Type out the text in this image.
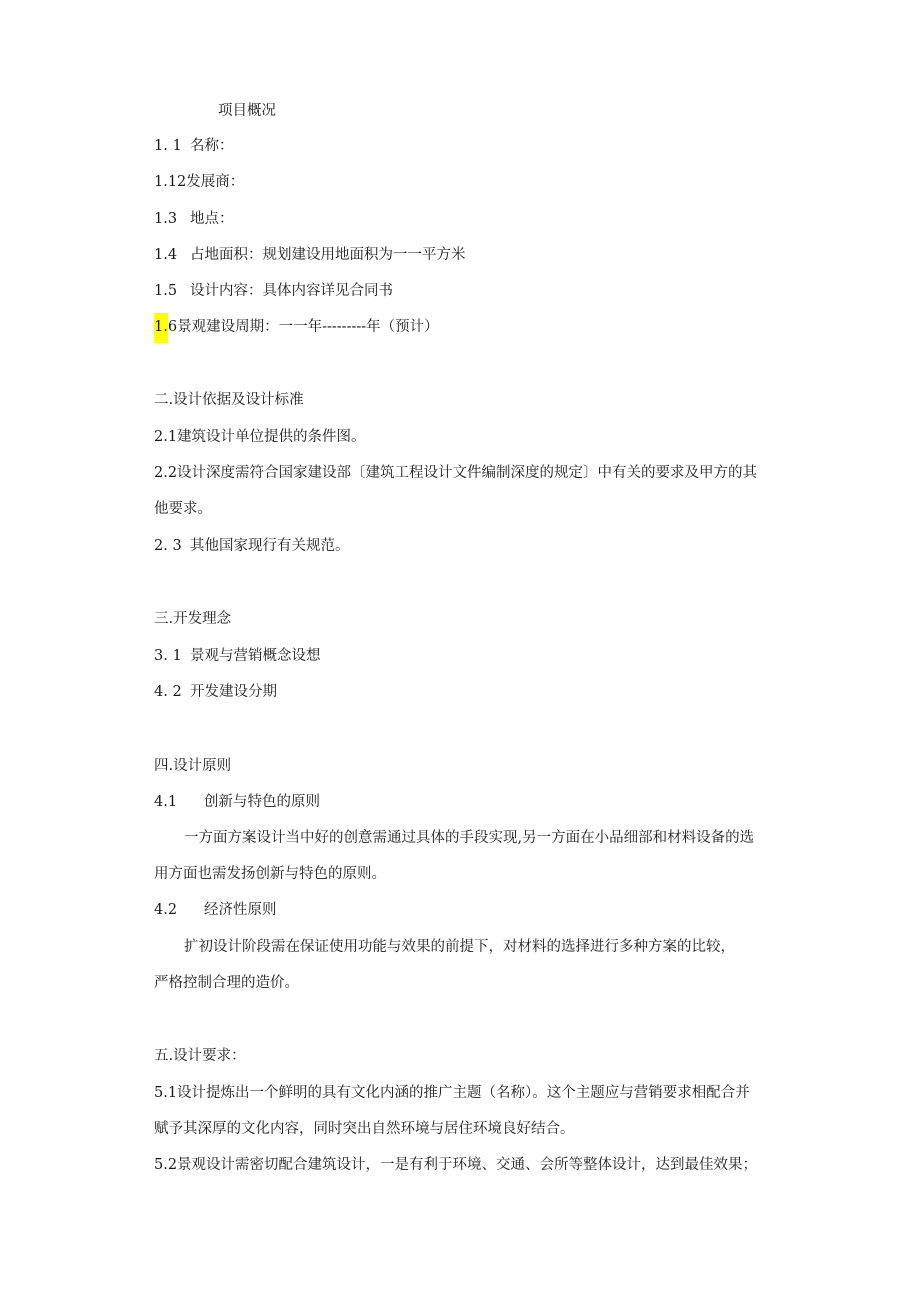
项目概况
1. 1 名称：
1.12发展商：
1.3 地点：
1.4 占地面积：规划建设用地面积为一一平方米
1.5 设计内容：具体内容详见合同书
1.6景观建设周期：一一年---------年（预计）
二.设计依据及设计标准
2.1建筑设计单位提供的条件图。
2.2设计深度需符合国家建设部〔建筑工程设计文件编制深度的规定〕中有关的要求及甲方的其
他要求。
2. 3 其他国家现行有关规范。
三.开发理念
3. 1 景观与营销概念设想
4. 2 开发建设分期
四.设计原则
4.1 创新与特色的原则
一方面方案设计当中好的创意需通过具体的手段实现,另一方面在小品细部和材料设备的选
用方面也需发扬创新与特色的原则。
4.2 经济性原则
扩初设计阶段需在保证使用功能与效果的前提下，对材料的选择进行多种方案的比较，
严格控制合理的造价。
五.设计要求：
5.1设计提炼出一个鲜明的具有文化内涵的推广主题（名称）。这个主题应与营销要求相配合并
赋予其深厚的文化内容，同时突出自然环境与居住环境良好结合。
5.2景观设计需密切配合建筑设计，一是有利于环境、交通、会所等整体设计，达到最佳效果；
